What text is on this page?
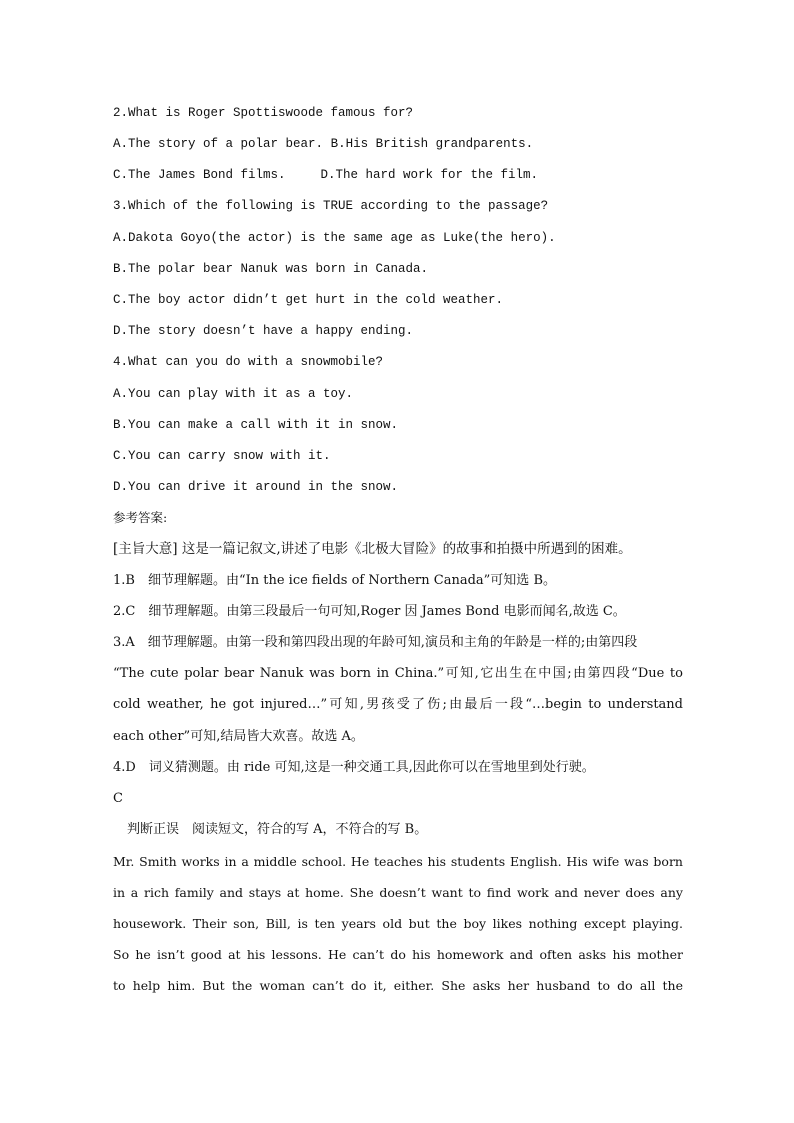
2.What is Roger Spottiswoode famous for?
A.The story of a polar bear. B.His British grandparents.
C.The James Bond films.	D.The hard work for the film.
3.Which of the following is TRUE according to the passage?
A.Dakota Goyo(the actor) is the same age as Luke(the hero).
B.The polar bear Nanuk was born in Canada.
C.The boy actor didn’t get hurt in the cold weather.
D.The story doesn’t have a happy ending.
4.What can you do with a snowmobile?
A.You can play with it as a toy.
B.You can make a call with it in snow.
C.You can carry snow with it.
D.You can drive it around in the snow.
参考答案:
[主旨大意] 这是一篇记叙文,讲述了电影《北极大冒险》的故事和拍摄中所遇到的困难。
1.B　细节理解题。由“In the ice fields of Northern Canada”可知选 B。
2.C　细节理解题。由第三段最后一句可知,Roger 因 James Bond 电影而闻名,故选 C。
3.A　细节理解题。由第一段和第四段出现的年龄可知,演员和主角的年龄是一样的;由第四段
“The cute polar bear Nanuk was born in China.”可知,它出生在中国;由第四段“Due to
cold weather, he got injured…”可知,男孩受了伤;由最后一段“…begin to understand
each other”可知,结局皆大欢喜。故选 A。
4.D　词义猜测题。由 ride 可知,这是一种交通工具,因此你可以在雪地里到处行驶。
C
判断正误　阅读短文，符合的写 A，不符合的写 B。
Mr. Smith works in a middle school. He teaches his students English. His wife was born
in a rich family and stays at home. She doesn’t want to find work and never does any
housework. Their son, Bill, is ten years old but the boy likes nothing except playing.
So he isn’t good at his lessons. He can’t do his homework and often asks his mother
to help him. But the woman can’t do it, either. She asks her husband to do all the
